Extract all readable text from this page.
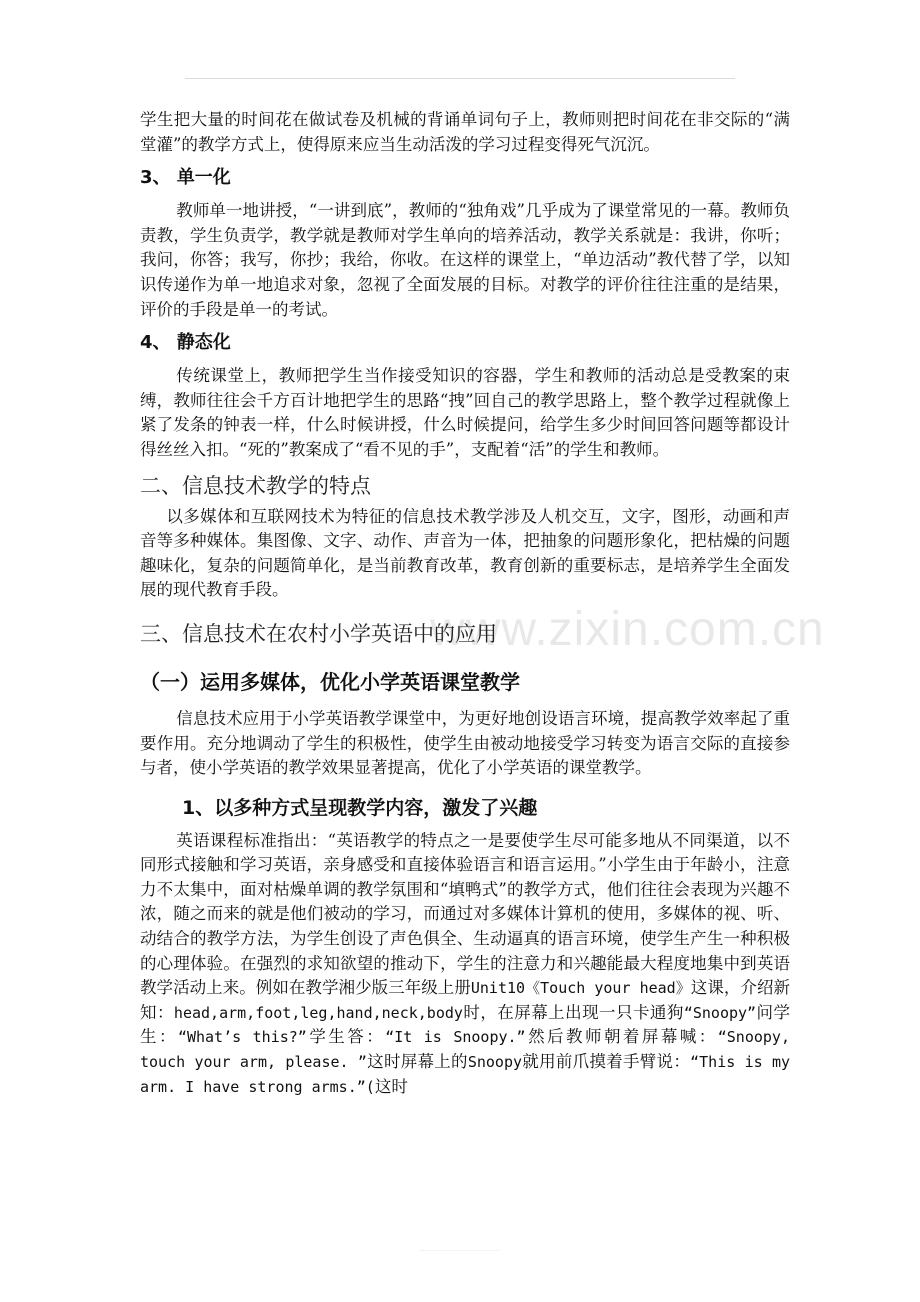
www.zixin.com.cn

学生把大量的时间花在做试卷及机械的背诵单词句子上，教师则把时间花在非交际的“满堂灌”的教学方式上，使得原来应当生动活泼的学习过程变得死气沉沉。

3、 单一化

教师单一地讲授，“一讲到底”，教师的“独角戏”几乎成为了课堂常见的一幕。教师负责教，学生负责学，教学就是教师对学生单向的培养活动，教学关系就是：我讲，你听；我问，你答；我写，你抄；我给，你收。在这样的课堂上，“单边活动”教代替了学，以知识传递作为单一地追求对象，忽视了全面发展的目标。对教学的评价往往注重的是结果，评价的手段是单一的考试。

4、 静态化

传统课堂上，教师把学生当作接受知识的容器，学生和教师的活动总是受教案的束缚，教师往往会千方百计地把学生的思路“拽”回自己的教学思路上，整个教学过程就像上紧了发条的钟表一样，什么时候讲授，什么时候提问，给学生多少时间回答问题等都设计得丝丝入扣。“死的”教案成了“看不见的手”，支配着“活”的学生和教师。

二、信息技术教学的特点

以多媒体和互联网技术为特征的信息技术教学涉及人机交互，文字，图形，动画和声音等多种媒体。集图像、文字、动作、声音为一体，把抽象的问题形象化，把枯燥的问题趣味化，复杂的问题简单化，是当前教育改革，教育创新的重要标志，是培养学生全面发展的现代教育手段。

三、信息技术在农村小学英语中的应用
（一）运用多媒体，优化小学英语课堂教学

信息技术应用于小学英语教学课堂中，为更好地创设语言环境，提高教学效率起了重要作用。充分地调动了学生的积极性，使学生由被动地接受学习转变为语言交际的直接参与者，使小学英语的教学效果显著提高，优化了小学英语的课堂教学。

1、以多种方式呈现教学内容，激发了兴趣

英语课程标准指出：“英语教学的特点之一是要使学生尽可能多地从不同渠道，以不同形式接触和学习英语，亲身感受和直接体验语言和语言运用。”小学生由于年龄小，注意力不太集中，面对枯燥单调的教学氛围和“填鸭式”的教学方式，他们往往会表现为兴趣不浓，随之而来的就是他们被动的学习，而通过对多媒体计算机的使用，多媒体的视、听、动结合的教学方法，为学生创设了声色俱全、生动逼真的语言环境，使学生产生一种积极的心理体验。在强烈的求知欲望的推动下，学生的注意力和兴趣能最大程度地集中到英语教学活动上来。例如在教学湘少版三年级上册Unit10《Touch your head》这课，介绍新知：head,arm,foot,leg,hand,neck,body时，在屏幕上出现一只卡通狗“Snoopy”问学生：“What’s this?”学生答：“It is Snoopy.”然后教师朝着屏幕喊：“Snoopy, touch your arm, please. ”这时屏幕上的Snoopy就用前爪摸着手臂说：“This is my arm. I have strong arms.”(这时
